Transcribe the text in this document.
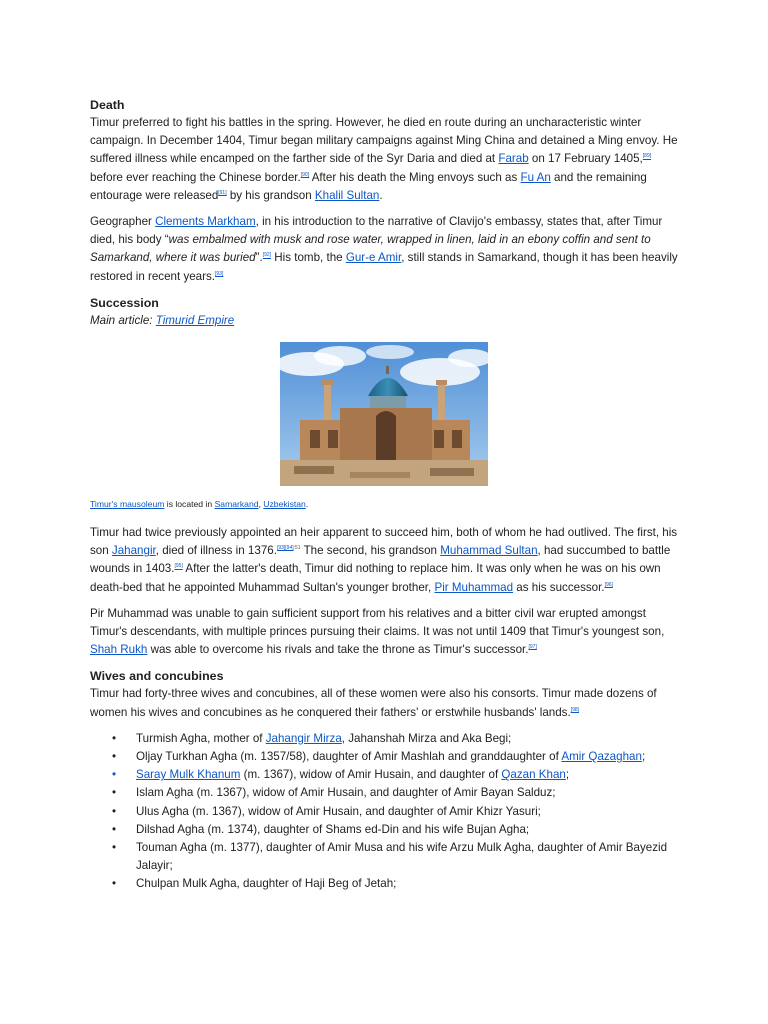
Death

Timur preferred to fight his battles in the spring. However, he died en route during an uncharacteristic winter campaign. In December 1404, Timur began military campaigns against Ming China and detained a Ming envoy. He suffered illness while encamped on the farther side of the Syr Daria and died at Farab on 17 February 1405,[89] before ever reaching the Chinese border.[90] After his death the Ming envoys such as Fu An and the remaining entourage were released[91] by his grandson Khalil Sultan.

Geographer Clements Markham, in his introduction to the narrative of Clavijo's embassy, states that, after Timur died, his body “was embalmed with musk and rose water, wrapped in linen, laid in an ebony coffin and sent to Samarkand, where it was buried”.[92] His tomb, the Gur-e Amir, still stands in Samarkand, though it has been heavily restored in recent years.[93]

Succession
Main article: Timurid Empire
Timur's mausoleum is located in Samarkand, Uzbekistan.

Timur had twice previously appointed an heir apparent to succeed him, both of whom he had outlived. The first, his son Jahangir, died of illness in 1376.$^{[93][94]:51}$ The second, his grandson Muhammad Sultan, had succumbed to battle wounds in 1403.[95] After the latter's death, Timur did nothing to replace him. It was only when he was on his own death-bed that he appointed Muhammad Sultan's younger brother, Pir Muhammad as his successor.[96]

Pir Muhammad was unable to gain sufficient support from his relatives and a bitter civil war erupted amongst Timur's descendants, with multiple princes pursuing their claims. It was not until 1409 that Timur's youngest son, Shah Rukh was able to overcome his rivals and take the throne as Timur's successor.[97]

Wives and concubines

Timur had forty-three wives and concubines, all of these women were also his consorts. Timur made dozens of women his wives and concubines as he conquered their fathers' or erstwhile husbands' lands.[98]

• Turmish Agha, mother of Jahangir Mirza, Jahanshah Mirza and Aka Begi;
• Oljay Turkhan Agha (m. 1357/58), daughter of Amir Mashlah and granddaughter of Amir Qazaghan;
• Saray Mulk Khanum (m. 1367), widow of Amir Husain, and daughter of Qazan Khan;
• Islam Agha (m. 1367), widow of Amir Husain, and daughter of Amir Bayan Salduz;
• Ulus Agha (m. 1367), widow of Amir Husain, and daughter of Amir Khizr Yasuri;
• Dilshad Agha (m. 1374), daughter of Shams ed-Din and his wife Bujan Agha;
• Touman Agha (m. 1377), daughter of Amir Musa and his wife Arzu Mulk Agha, daughter of Amir Bayezid Jalayir;
• Chulpan Mulk Agha, daughter of Haji Beg of Jetah;
